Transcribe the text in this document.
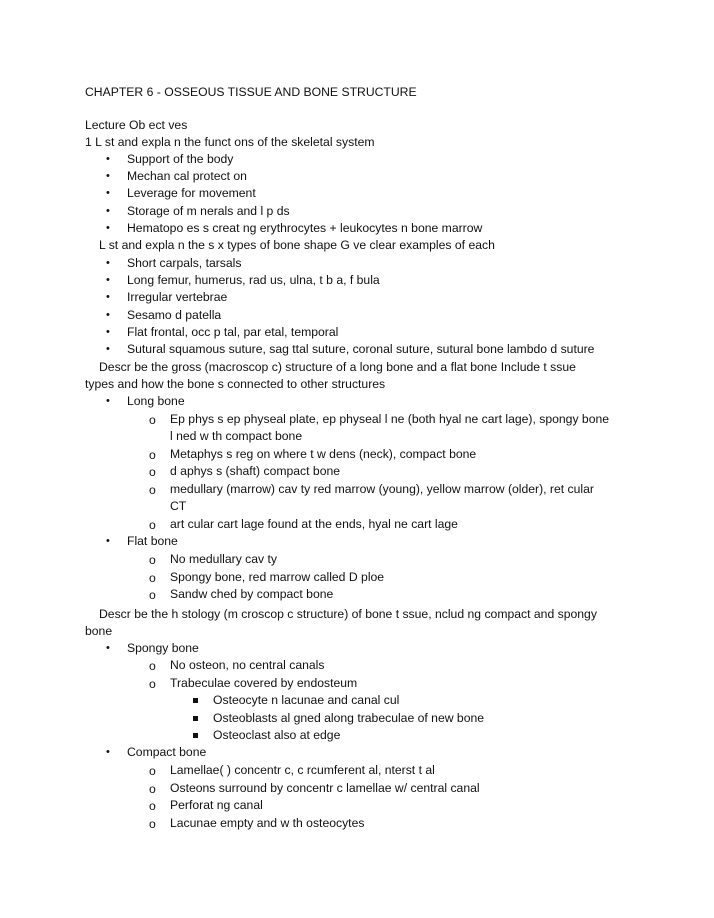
CHAPTER 6 - OSSEOUS TISSUE AND BONE STRUCTURE
Lecture Ob ect ves
1 L st and expla n the funct ons of the skeletal system
• Support of the body
• Mechan cal protect on
• Leverage for movement
• Storage of m nerals and l p ds
• Hematopo es s creat ng erythrocytes + leukocytes n bone marrow
L st and expla n the s x types of bone shape G ve clear examples of each
• Short carpals, tarsals
• Long femur, humerus, rad us, ulna, t b a, f bula
• Irregular vertebrae
• Sesamo d patella
• Flat frontal, occ p tal, par etal, temporal
• Sutural squamous suture, sag ttal suture, coronal suture, sutural bone lambdo d suture
Descr be the gross (macroscop c) structure of a long bone and a flat bone Include t ssue
types and how the bone s connected to other structures
• Long bone
o Ep phys s ep physeal plate, ep physeal l ne (both hyal ne cart lage), spongy bone
l ned w th compact bone
o Metaphys s reg on where t w dens (neck), compact bone
o d aphys s (shaft) compact bone
o medullary (marrow) cav ty red marrow (young), yellow marrow (older), ret cular
CT
o art cular cart lage found at the ends, hyal ne cart lage
• Flat bone
o No medullary cav ty
o Spongy bone, red marrow called D ploe
o Sandw ched by compact bone
Descr be the h stology (m croscop c structure) of bone t ssue, nclud ng compact and spongy
bone
• Spongy bone
o No osteon, no central canals
o Trabeculae covered by endosteum
Osteocyte n lacunae and canal cul
Osteoblasts al gned along trabeculae of new bone
Osteoclast also at edge
• Compact bone
o Lamellae( ) concentr c, c rcumferent al, nterst t al
o Osteons surround by concentr c lamellae w/ central canal
o Perforat ng canal
o Lacunae empty and w th osteocytes
